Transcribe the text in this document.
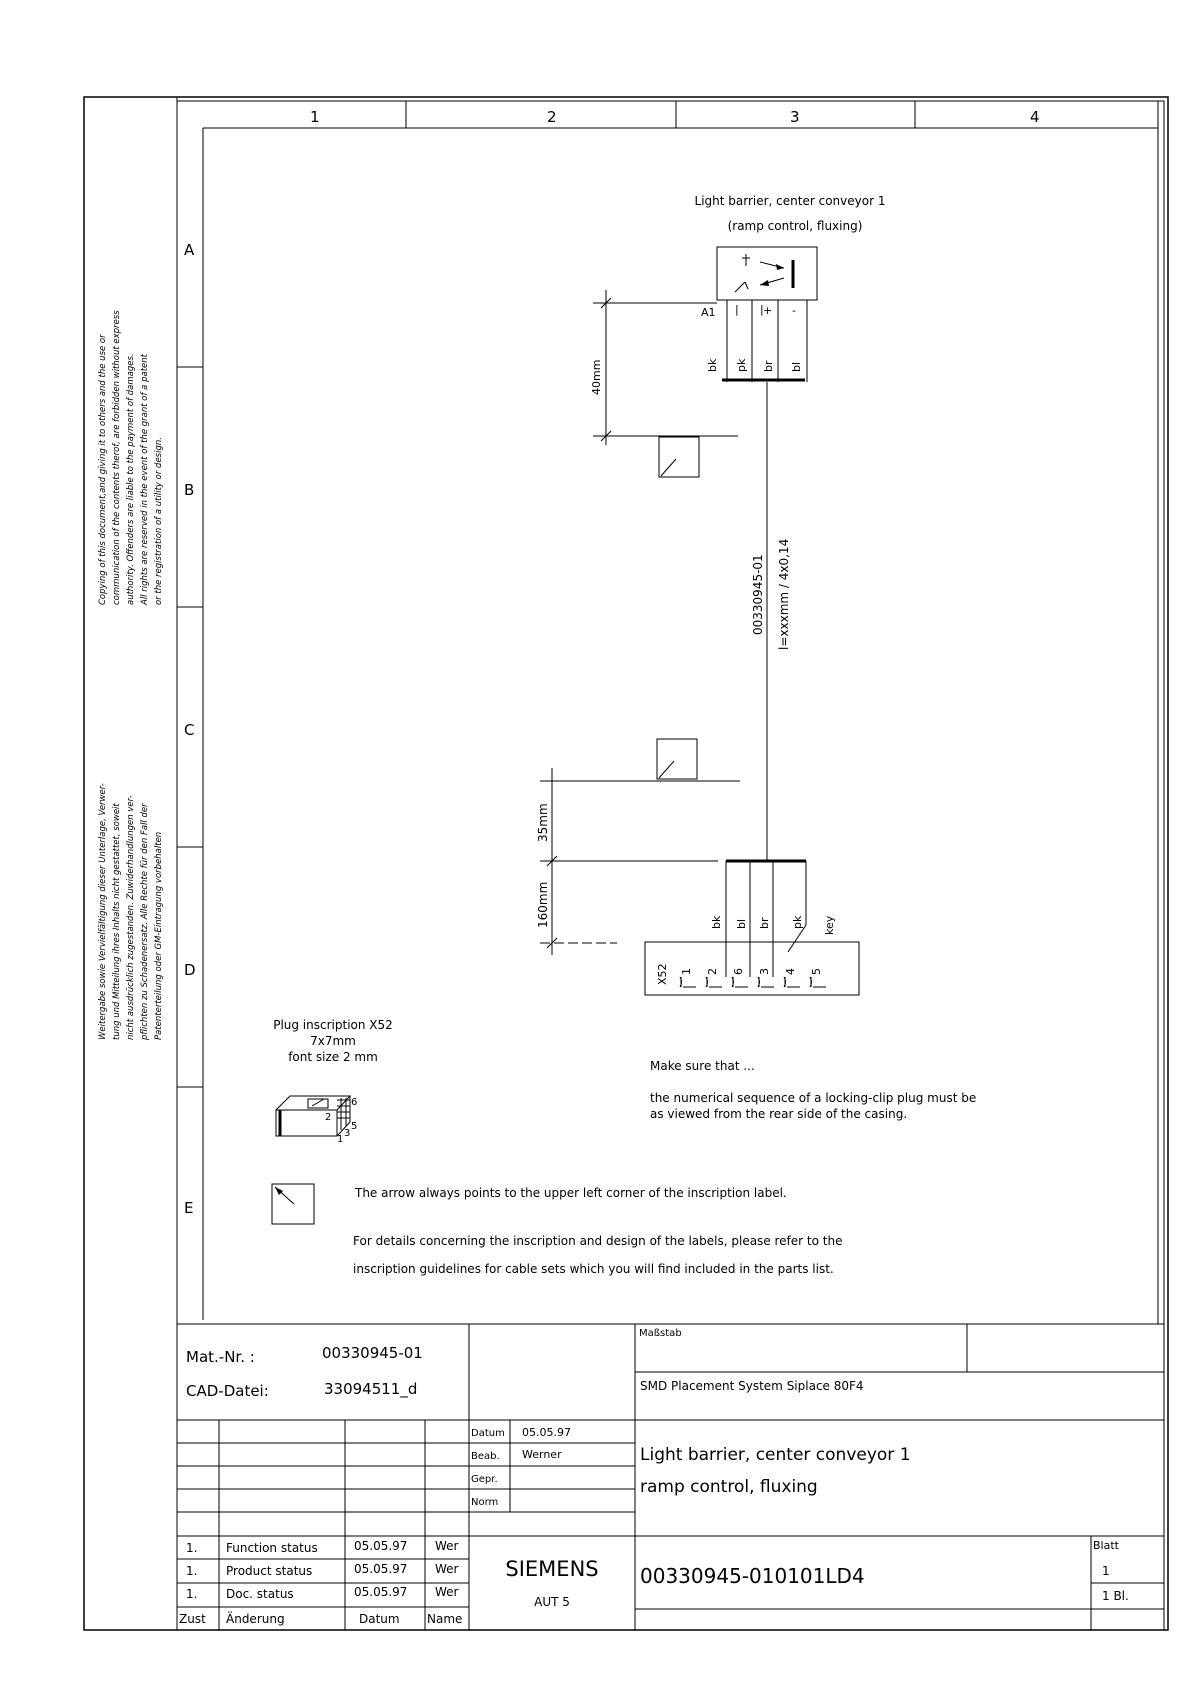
Copying of this document,and giving it to others and the use or communication of the contents therof, are forbidden without express authority. Offenders are liable to the payment of damages. All rights are reserved in the event of the grant of a patent or the registration of a utility or design.
Weitergabe sowie Vervielfältigung dieser Unterlage, Verwer- tung und Mitteilung ihres Inhalts nicht gestattet, soweit nicht ausdrücklich zugestanden. Zuwiderhandlungen ver- pflichten zu Schadenersatz. Alle Rechte für den Fall der Patenterteilung oder GM-Eintragung vorbehalten
1	2	3	4
A
B
C
D
E
Light barrier, center conveyor 1
(ramp control, fluxing)
A1 | | + -
bk pk br bl
40mm
00330945-01 l=xxxmm / 4x0,14
35mm
160mm	bk bl br pk key
X52 1 2 6 3 4 5
Plug inscription X52
7x7mm
font size 2 mm
6
2
5
3
1
Make sure that ...
the numerical sequence of a locking-clip plug must be
as viewed from the rear side of the casing.
The arrow always points to the upper left corner of the inscription label.
For details concerning the inscription and design of the labels, please refer to the
inscription guidelines for cable sets which you will find included in the parts list.
Mat.-Nr. :	00330945-01
CAD-Datei:	33094511_d
Maßstab
SMD Placement System Siplace 80F4
Datum 05.05.97
Beab. Werner
Gepr.
Norm
Light barrier, center conveyor 1
ramp control, fluxing
1. Function status	05.05.97 Wer
1. Product status	05.05.97 Wer
1. Doc. status	05.05.97 Wer
Zust Änderung	Datum Name
SIEMENS
AUT 5
00330945-010101LD4
Blatt
1
1 Bl.
